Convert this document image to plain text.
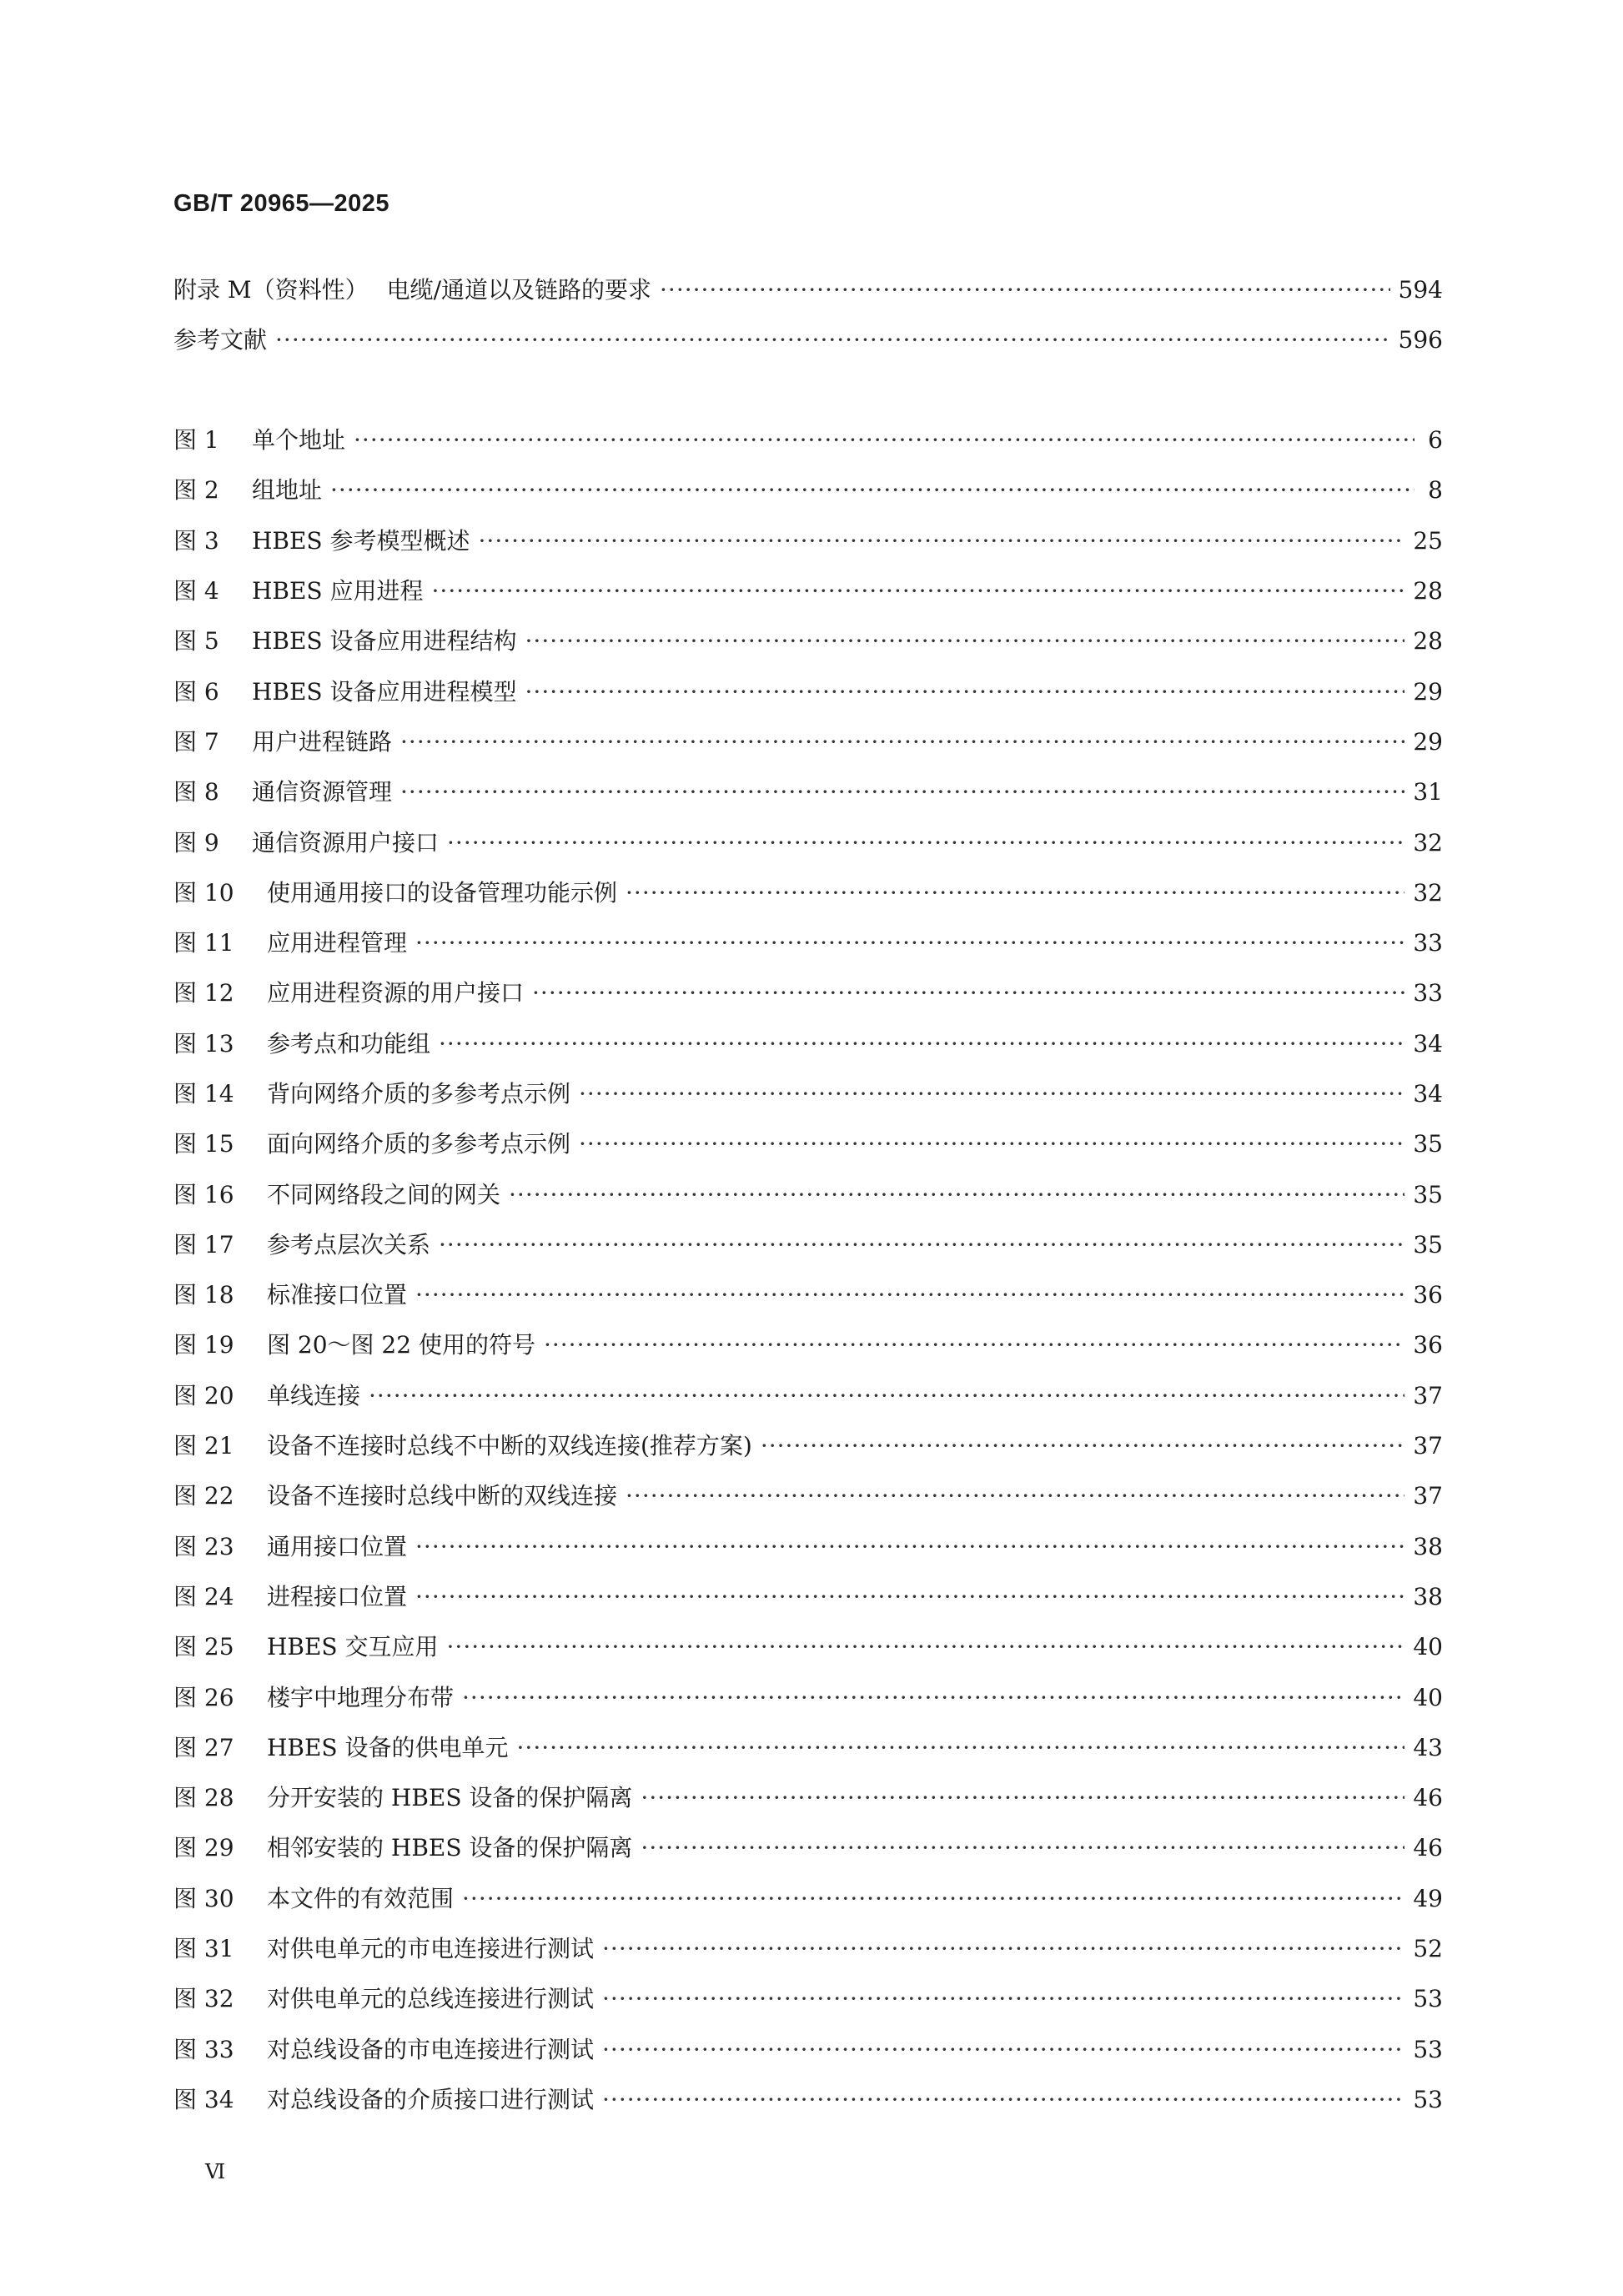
GB/T 20965—2025
附录 M（资料性） 电缆/通道以及链路的要求 ·····	594
参考文献 ·····	596
图 1	单个地址 ·····	6
图 2	组地址 ·····	8
图 3	HBES 参考模型概述 ·····	25
图 4	HBES 应用进程 ·····	28
图 5	HBES 设备应用进程结构 ·····	28
图 6	HBES 设备应用进程模型 ·····	29
图 7	用户进程链路 ·····	29
图 8	通信资源管理 ·····	31
图 9	通信资源用户接口 ·····	32
图 10	使用通用接口的设备管理功能示例 ·····	32
图 11	应用进程管理 ·····	33
图 12	应用进程资源的用户接口 ·····	33
图 13	参考点和功能组 ·····	34
图 14	背向网络介质的多参考点示例 ·····	34
图 15	面向网络介质的多参考点示例 ·····	35
图 16	不同网络段之间的网关 ·····	35
图 17	参考点层次关系 ·····	35
图 18	标准接口位置 ·····	36
图 19	图 20～图 22 使用的符号 ·····	36
图 20	单线连接 ·····	37
图 21	设备不连接时总线不中断的双线连接(推荐方案) ·····	37
图 22	设备不连接时总线中断的双线连接 ·····	37
图 23	通用接口位置 ·····	38
图 24	进程接口位置 ·····	38
图 25	HBES 交互应用 ·····	40
图 26	楼宇中地理分布带 ·····	40
图 27	HBES 设备的供电单元 ·····	43
图 28	分开安装的 HBES 设备的保护隔离 ·····	46
图 29	相邻安装的 HBES 设备的保护隔离 ·····	46
图 30	本文件的有效范围 ·····	49
图 31	对供电单元的市电连接进行测试 ·····	52
图 32	对供电单元的总线连接进行测试 ·····	53
图 33	对总线设备的市电连接进行测试 ·····	53
图 34	对总线设备的介质接口进行测试 ·····	53
Ⅵ
